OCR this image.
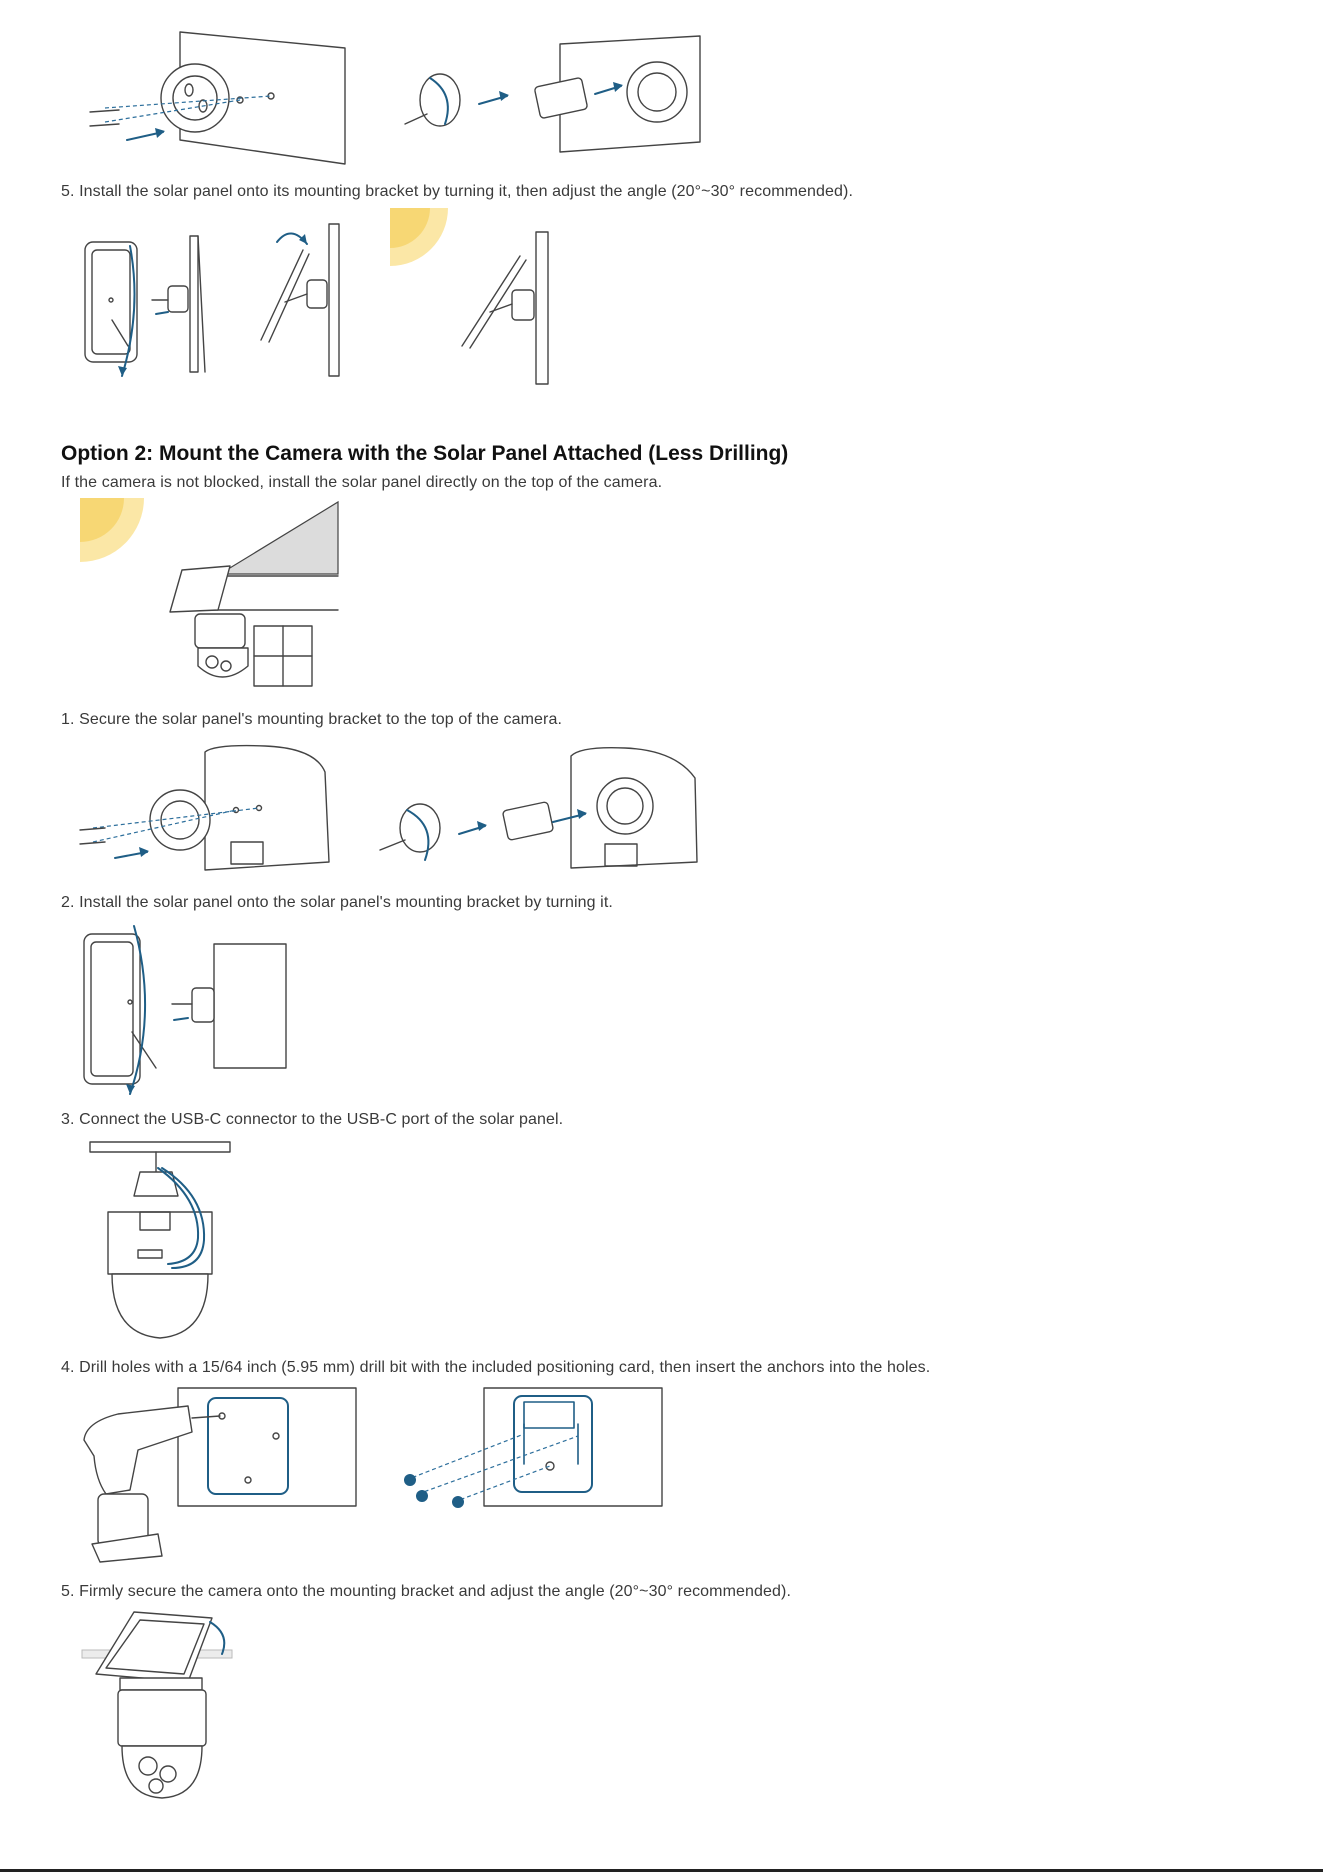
5. Install the solar panel onto its mounting bracket by turning it, then adjust the angle (20°~30° recommended).
Option 2: Mount the Camera with the Solar Panel Attached (Less Drilling)
If the camera is not blocked, install the solar panel directly on the top of the camera.
1. Secure the solar panel's mounting bracket to the top of the camera.
2. Install the solar panel onto the solar panel's mounting bracket by turning it.
3. Connect the USB-C connector to the USB-C port of the solar panel.
4. Drill holes with a 15/64 inch (5.95 mm) drill bit with the included positioning card, then insert the anchors into the holes.
5. Firmly secure the camera onto the mounting bracket and adjust the angle (20°~30° recommended).
